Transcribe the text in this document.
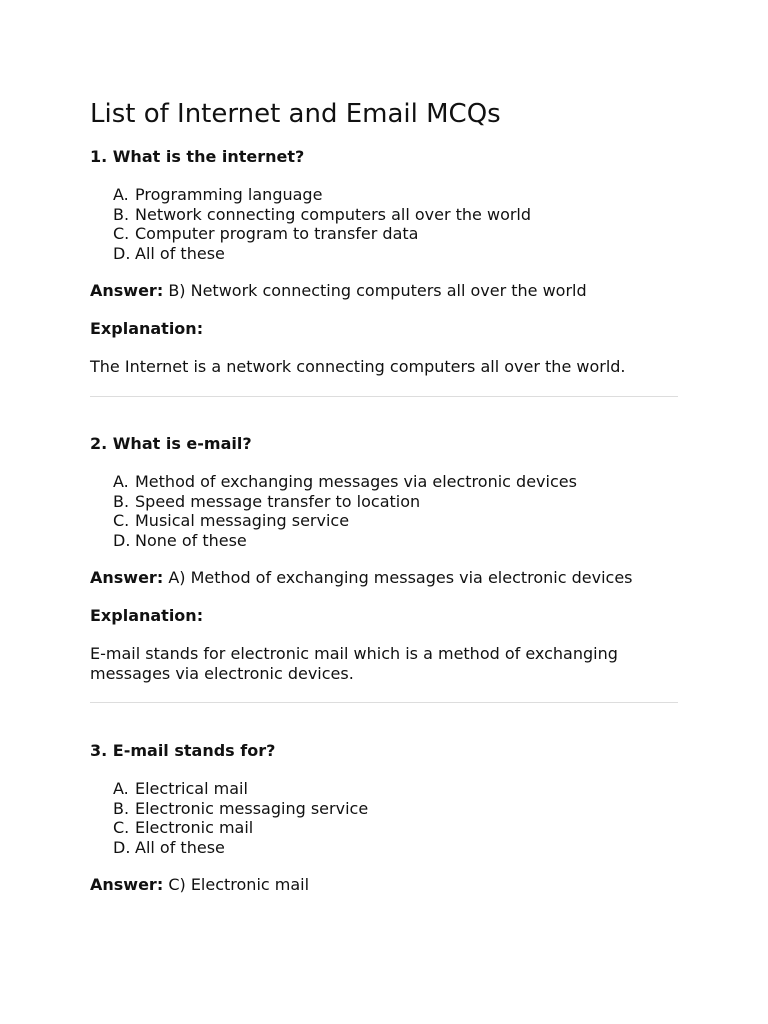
List of Internet and Email MCQs

1. What is the internet?

A. Programming language
B. Network connecting computers all over the world
C. Computer program to transfer data
D. All of these

Answer: B) Network connecting computers all over the world

Explanation:

The Internet is a network connecting computers all over the world.

2. What is e-mail?

A. Method of exchanging messages via electronic devices
B. Speed message transfer to location
C. Musical messaging service
D. None of these

Answer: A) Method of exchanging messages via electronic devices

Explanation:

E-mail stands for electronic mail which is a method of exchanging messages via electronic devices.

3. E-mail stands for?

A. Electrical mail
B. Electronic messaging service
C. Electronic mail
D. All of these

Answer: C) Electronic mail
